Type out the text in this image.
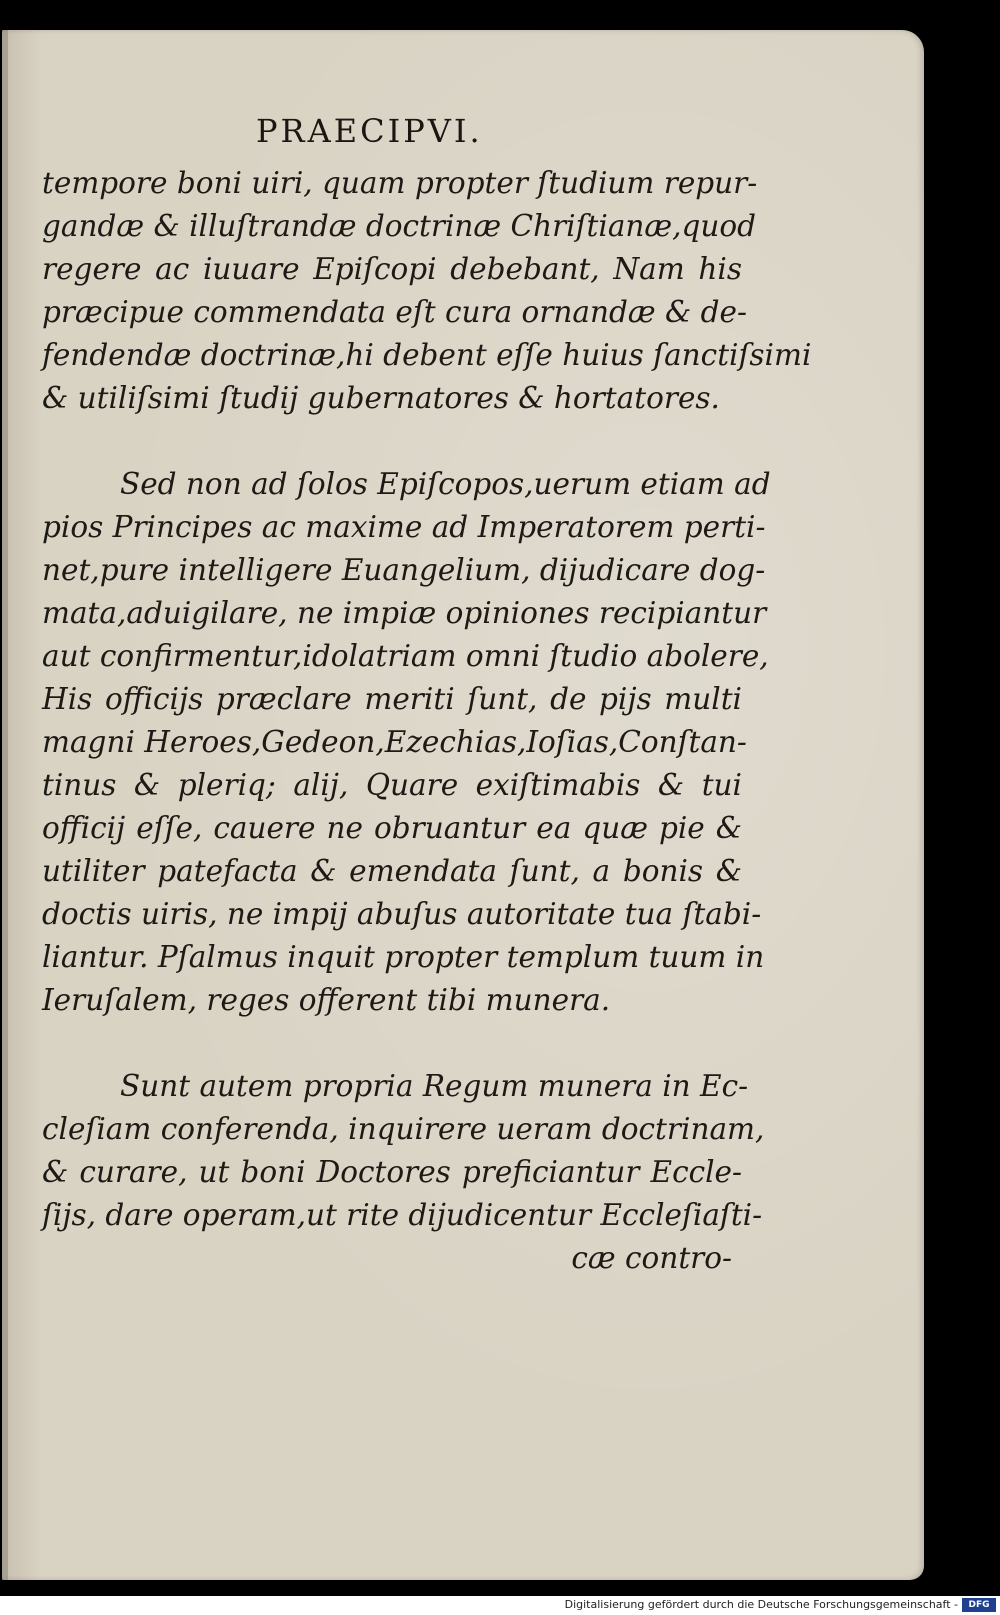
PRAECIPVI.
tempore boni uiri, quam propter ſtudium repur-
gandæ & illuſtrandæ doctrinæ Chriſtianæ,quod
regere ac iuuare Epiſcopi debebant, Nam his
præcipue commendata eſt cura ornandæ & de-
fendendæ doctrinæ,hi debent eſſe huius ſanctiſsimi
& utiliſsimi ſtudij gubernatores & hortatores.
Sed non ad ſolos Epiſcopos,uerum etiam ad
pios Principes ac maxime ad Imperatorem perti-
net,pure intelligere Euangelium, dijudicare dog-
mata,aduigilare, ne impiæ opiniones recipiantur
aut confirmentur,idolatriam omni ſtudio abolere,
His officijs præclare meriti ſunt, de pijs multi
magni Heroes,Gedeon,Ezechias,Ioſias,Conſtan-
tinus & pleriq; alij, Quare exiſtimabis & tui
officij eſſe, cauere ne obruantur ea quæ pie &
utiliter patefacta & emendata ſunt, a bonis &
doctis uiris, ne impij abuſus autoritate tua ſtabi-
liantur. Pſalmus inquit propter templum tuum in
Ieruſalem, reges offerent tibi munera.
Sunt autem propria Regum munera in Ec-
cleſiam conferenda, inquirere ueram doctrinam,
& curare, ut boni Doctores preficiantur Eccle-
ſijs, dare operam,ut rite dijudicentur Eccleſiaſti-
cæ contro-
Digitalisierung gefördert durch die Deutsche Forschungsgemeinschaft -	DFG
